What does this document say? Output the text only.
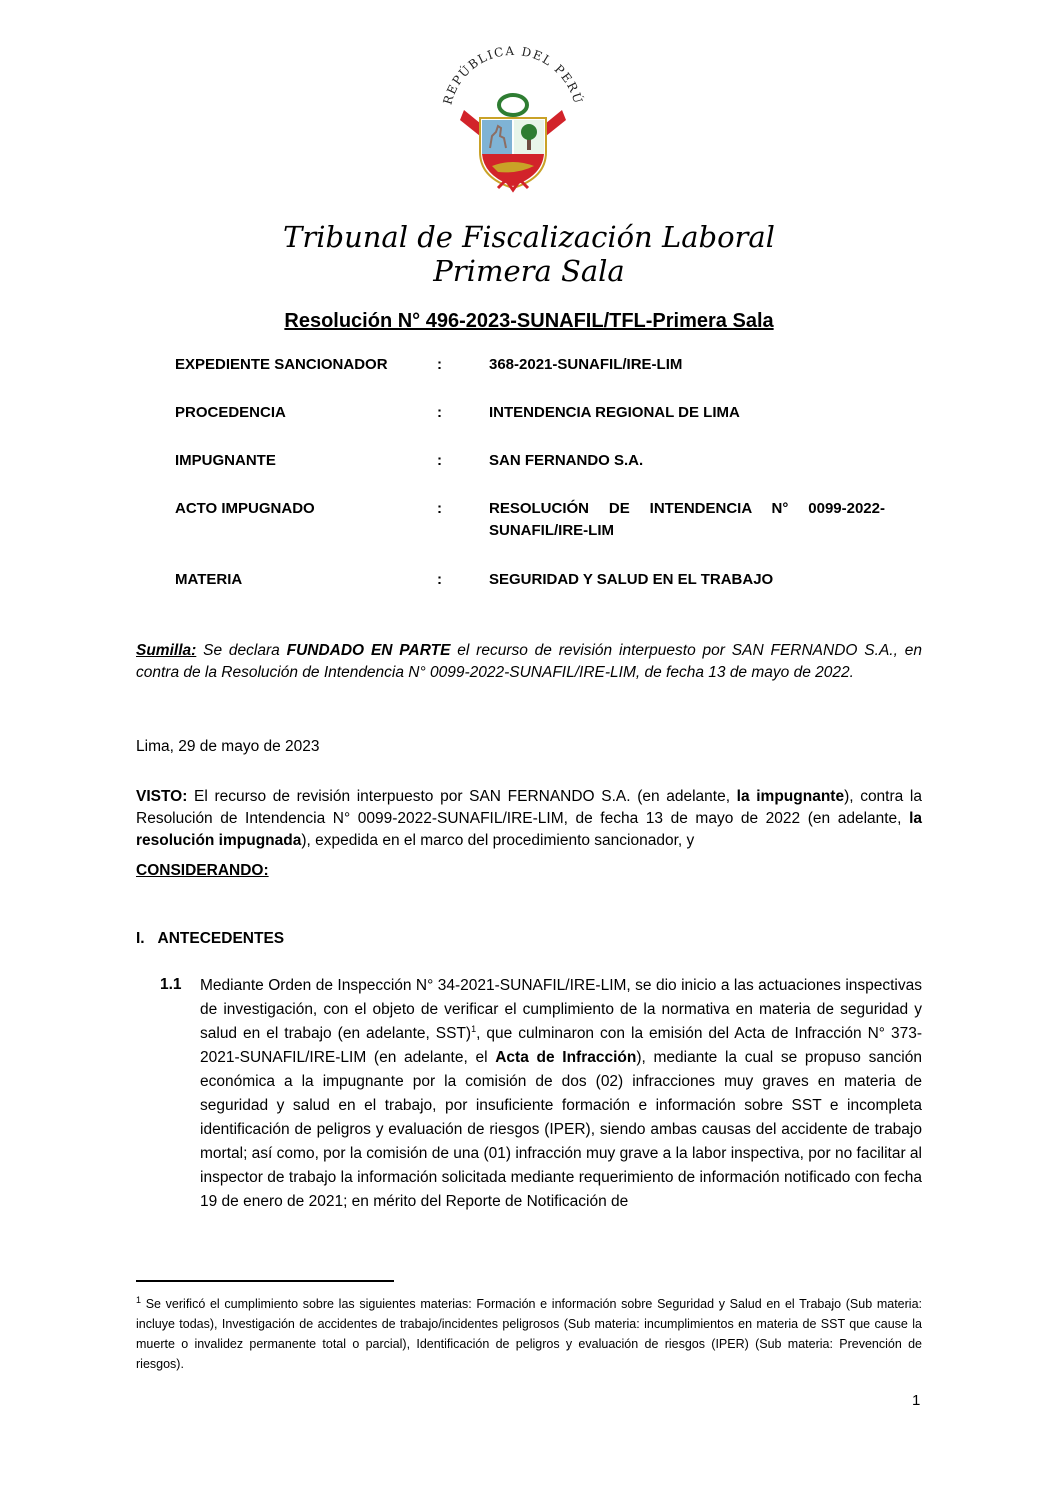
REPÚBLICA DEL PERÚ
Tribunal de Fiscalización Laboral
Primera Sala
Resolución N° 496-2023-SUNAFIL/TFL-Primera Sala
EXPEDIENTE SANCIONADOR	:	368-2021-SUNAFIL/IRE-LIM
PROCEDENCIA	:	INTENDENCIA REGIONAL DE LIMA
IMPUGNANTE	:	SAN FERNANDO S.A.
ACTO IMPUGNADO	:	RESOLUCIÓN DE INTENDENCIA N° 0099-2022-SUNAFIL/IRE-LIM
MATERIA	:	SEGURIDAD Y SALUD EN EL TRABAJO
Sumilla: Se declara FUNDADO EN PARTE el recurso de revisión interpuesto por SAN FERNANDO S.A., en contra de la Resolución de Intendencia N° 0099-2022-SUNAFIL/IRE-LIM, de fecha 13 de mayo de 2022.
Lima, 29 de mayo de 2023
VISTO: El recurso de revisión interpuesto por SAN FERNANDO S.A. (en adelante, la impugnante), contra la Resolución de Intendencia N° 0099-2022-SUNAFIL/IRE-LIM, de fecha 13 de mayo de 2022 (en adelante, la resolución impugnada), expedida en el marco del procedimiento sancionador, y
CONSIDERANDO:
I. ANTECEDENTES
1.1 Mediante Orden de Inspección N° 34-2021-SUNAFIL/IRE-LIM, se dio inicio a las actuaciones inspectivas de investigación, con el objeto de verificar el cumplimiento de la normativa en materia de seguridad y salud en el trabajo (en adelante, SST)$^1$, que culminaron con la emisión del Acta de Infracción N° 373-2021-SUNAFIL/IRE-LIM (en adelante, el Acta de Infracción), mediante la cual se propuso sanción económica a la impugnante por la comisión de dos (02) infracciones muy graves en materia de seguridad y salud en el trabajo, por insuficiente formación e información sobre SST e incompleta identificación de peligros y evaluación de riesgos (IPER), siendo ambas causas del accidente de trabajo mortal; así como, por la comisión de una (01) infracción muy grave a la labor inspectiva, por no facilitar al inspector de trabajo la información solicitada mediante requerimiento de información notificado con fecha 19 de enero de 2021; en mérito del Reporte de Notificación de
$^1$ Se verificó el cumplimiento sobre las siguientes materias: Formación e información sobre Seguridad y Salud en el Trabajo (Sub materia: incluye todas), Investigación de accidentes de trabajo/incidentes peligrosos (Sub materia: incumplimientos en materia de SST que cause la muerte o invalidez permanente total o parcial), Identificación de peligros y evaluación de riesgos (IPER) (Sub materia: Prevención de riesgos).
1
